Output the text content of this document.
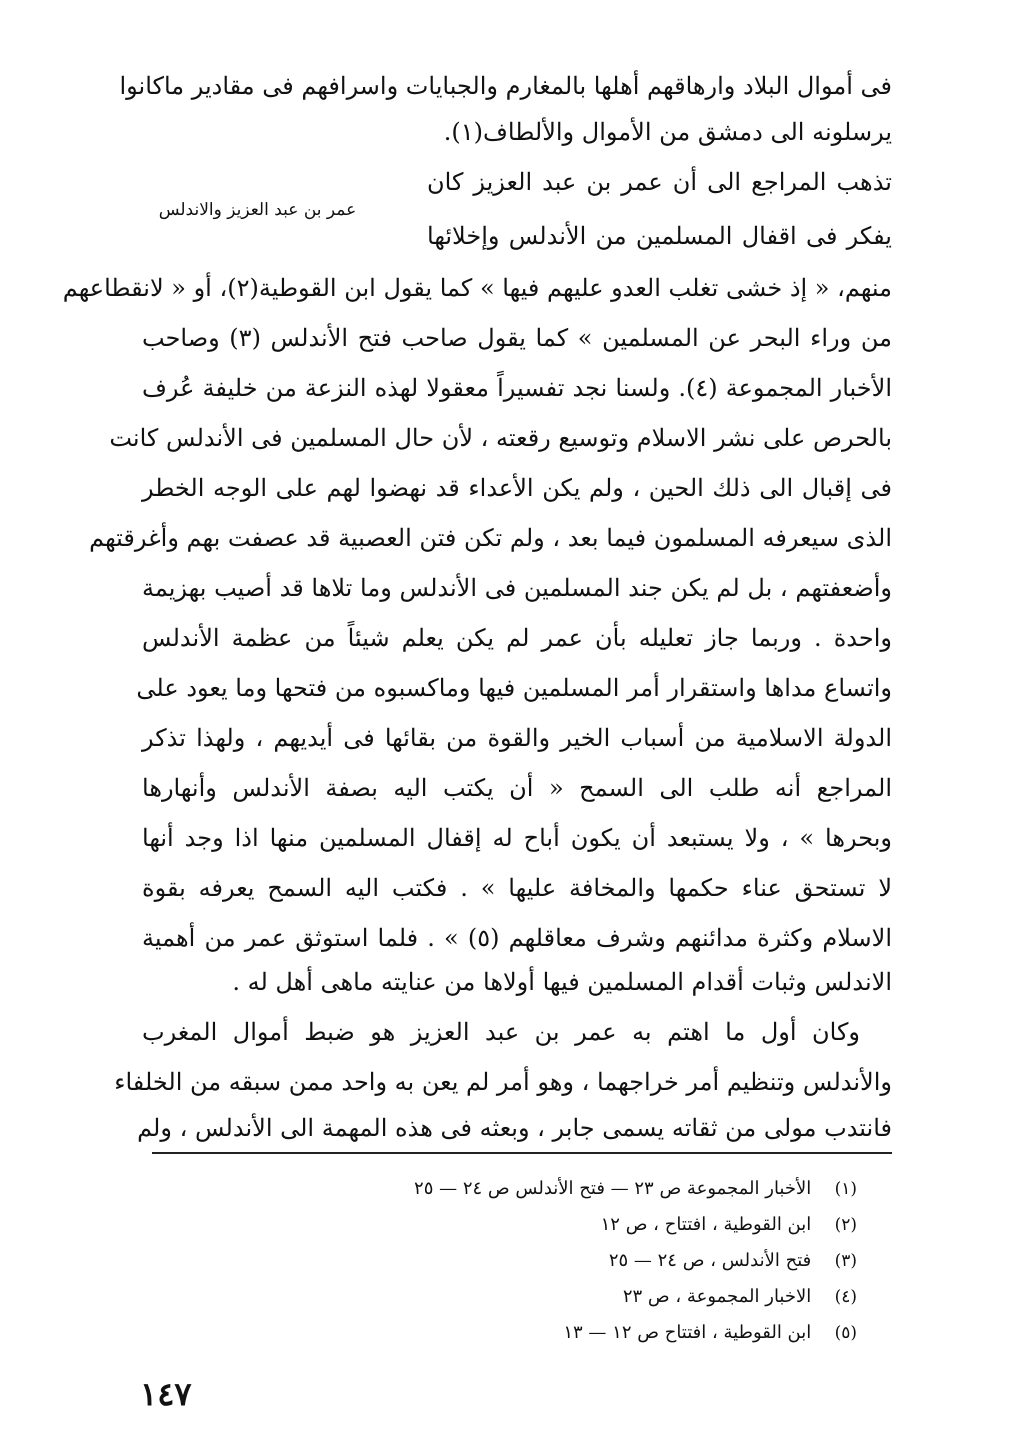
فى أموال البلاد وارهاقهم أهلها بالمغارم والجبايات واسرافهم فى مقادير ماكانوا
يرسلونه الى دمشق من الأموال والألطاف(١).
تذهب المراجع الى أن عمر بن عبد العزيز كان
يفكر فى اقفال المسلمين من الأندلس وإخلائها
عمر بن عبد العزيز والاندلس
منهم، « إذ خشى تغلب العدو عليهم فيها » كما يقول ابن القوطية(٢)، أو « لانقطاعهم
من وراء البحر عن المسلمين » كما يقول صاحب فتح الأندلس (٣) وصاحب
الأخبار المجموعة (٤). ولسنا نجد تفسيراً معقولا لهذه النزعة من خليفة عُرف
بالحرص على نشر الاسلام وتوسيع رقعته ، لأن حال المسلمين فى الأندلس كانت
فى إقبال الى ذلك الحين ، ولم يكن الأعداء قد نهضوا لهم على الوجه الخطر
الذى سيعرفه المسلمون فيما بعد ، ولم تكن فتن العصبية قد عصفت بهم وأغرقتهم
وأضعفتهم ، بل لم يكن جند المسلمين فى الأندلس وما تلاها قد أصيب بهزيمة
واحدة . وربما جاز تعليله بأن عمر لم يكن يعلم شيئاً من عظمة الأندلس
واتساع مداها واستقرار أمر المسلمين فيها وماكسبوه من فتحها وما يعود على
الدولة الاسلامية من أسباب الخير والقوة من بقائها فى أيديهم ، ولهذا تذكر
المراجع أنه طلب الى السمح « أن يكتب اليه بصفة الأندلس وأنهارها
وبحرها » ، ولا يستبعد أن يكون أباح له إقفال المسلمين منها اذا وجد أنها
لا تستحق عناء حكمها والمخافة عليها » . فكتب اليه السمح يعرفه بقوة
الاسلام وكثرة مدائنهم وشرف معاقلهم (٥) » . فلما استوثق عمر من أهمية
الاندلس وثبات أقدام المسلمين فيها أولاها من عنايته ماهى أهل له .
وكان أول ما اهتم به عمر بن عبد العزيز هو ضبط أموال المغرب
والأندلس وتنظيم أمر خراجهما ، وهو أمر لم يعن به واحد ممن سبقه من الخلفاء
فانتدب مولى من ثقاته يسمى جابر ، وبعثه فى هذه المهمة الى الأندلس ، ولم
(١) الأخبار المجموعة ص ٢٣ — فتح الأندلس ص ٢٤ — ٢٥
(٢) ابن القوطية ، افتتاح ، ص ١٢
(٣) فتح الأندلس ، ص ٢٤ — ٢٥
(٤) الاخبار المجموعة ، ص ٢٣
(٥) ابن القوطية ، افتتاح ص ١٢ — ١٣
١٤٧
